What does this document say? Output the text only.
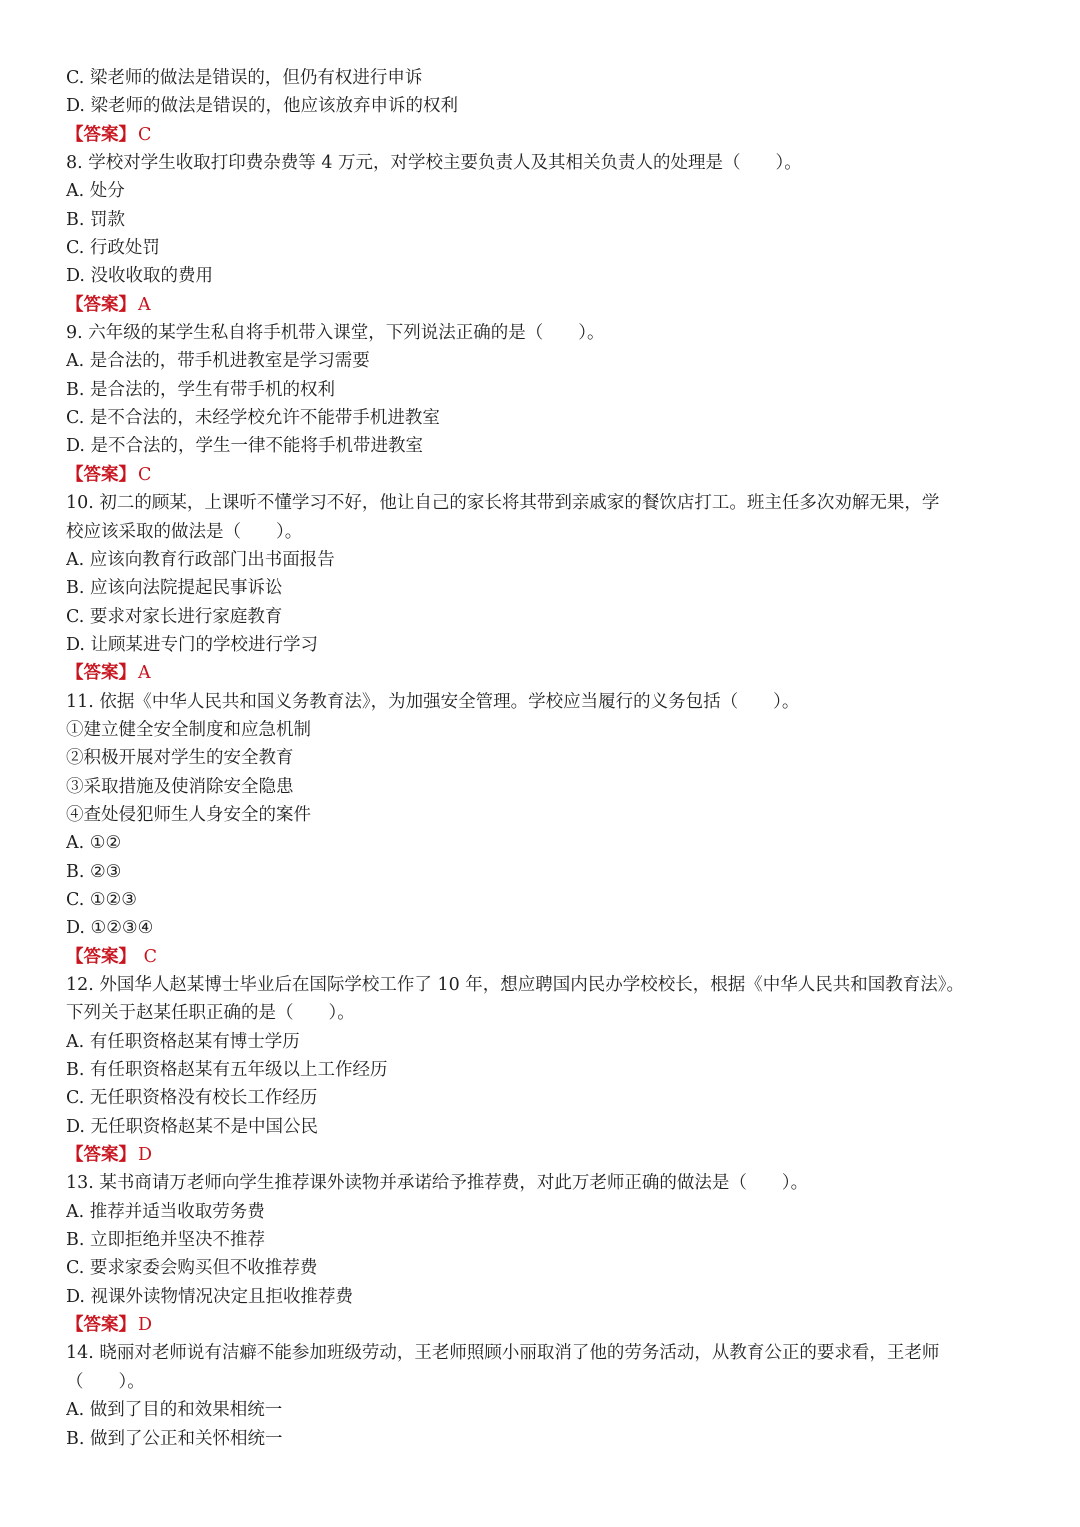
C. 梁老师的做法是错误的，但仍有权进行申诉
D. 梁老师的做法是错误的，他应该放弃申诉的权利
【答案】 C
8. 学校对学生收取打印费杂费等 4 万元，对学校主要负责人及其相关负责人的处理是（　　）。
A. 处分
B. 罚款
C. 行政处罚
D. 没收收取的费用
【答案】 A
9. 六年级的某学生私自将手机带入课堂，下列说法正确的是（　　）。
A. 是合法的，带手机进教室是学习需要
B. 是合法的，学生有带手机的权利
C. 是不合法的，未经学校允许不能带手机进教室
D. 是不合法的，学生一律不能将手机带进教室
【答案】 C
10. 初二的顾某，上课听不懂学习不好，他让自己的家长将其带到亲戚家的餐饮店打工。班主任多次劝解无果，学
校应该采取的做法是（　　）。
A. 应该向教育行政部门出书面报告
B. 应该向法院提起民事诉讼
C. 要求对家长进行家庭教育
D. 让顾某进专门的学校进行学习
【答案】 A
11. 依据《中华人民共和国义务教育法》，为加强安全管理。学校应当履行的义务包括（　　）。
①建立健全安全制度和应急机制
②积极开展对学生的安全教育
③采取措施及使消除安全隐患
④查处侵犯师生人身安全的案件
A. ①②
B. ②③
C. ①②③
D. ①②③④
【答案】 C
12. 外国华人赵某博士毕业后在国际学校工作了 10 年，想应聘国内民办学校校长，根据《中华人民共和国教育法》。
下列关于赵某任职正确的是（　　）。
A. 有任职资格赵某有博士学历
B. 有任职资格赵某有五年级以上工作经历
C. 无任职资格没有校长工作经历
D. 无任职资格赵某不是中国公民
【答案】 D
13. 某书商请万老师向学生推荐课外读物并承诺给予推荐费，对此万老师正确的做法是（　　）。
A. 推荐并适当收取劳务费
B. 立即拒绝并坚决不推荐
C. 要求家委会购买但不收推荐费
D. 视课外读物情况决定且拒收推荐费
【答案】 D
14. 晓丽对老师说有洁癖不能参加班级劳动，王老师照顾小丽取消了他的劳务活动，从教育公正的要求看，王老师
（　　）。
A. 做到了目的和效果相统一
B. 做到了公正和关怀相统一
